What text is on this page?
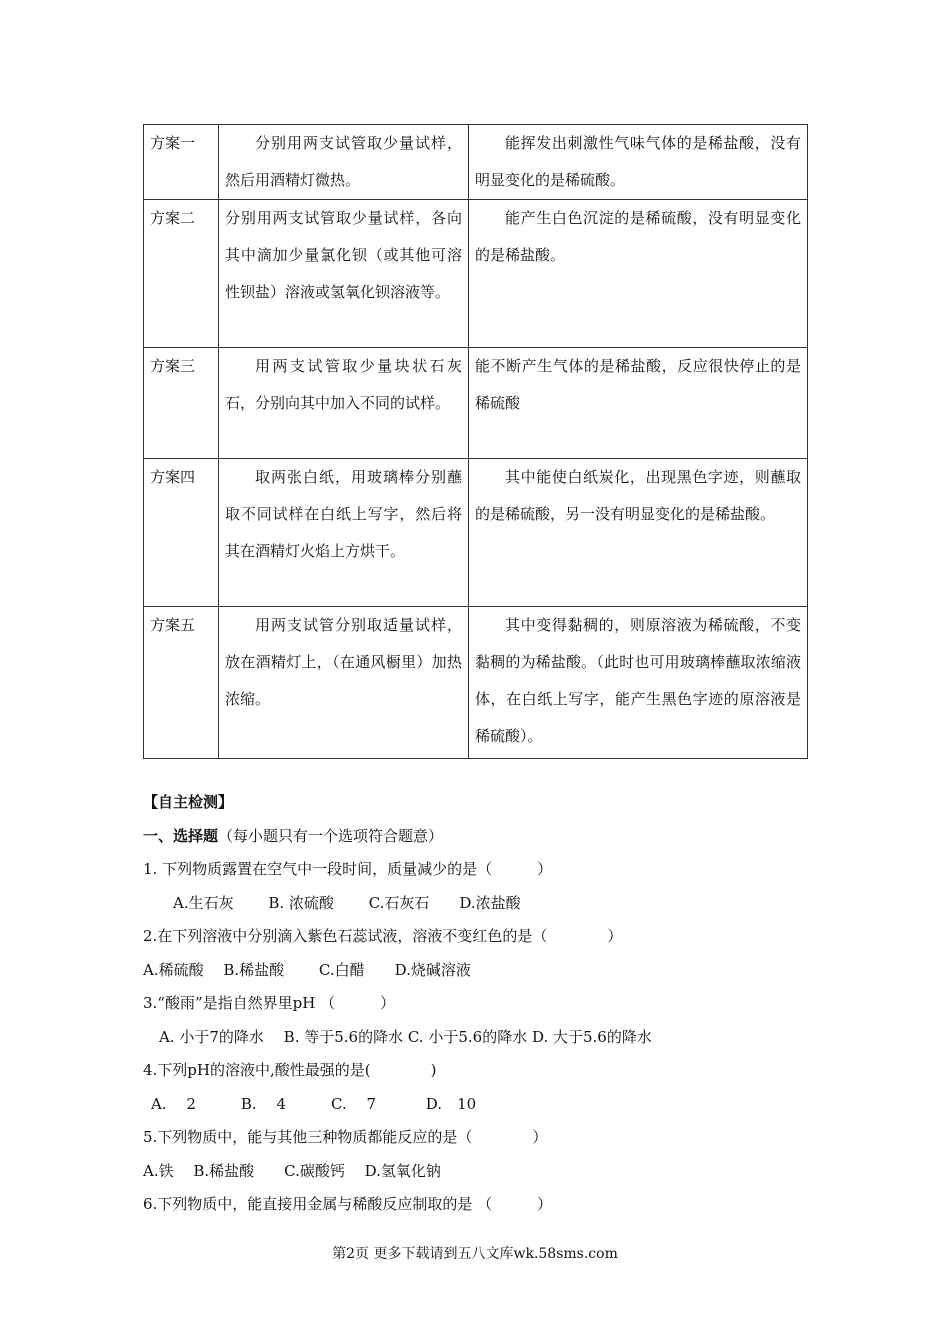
方案一	分别用两支试管取少量试样，然后用酒精灯微热。	能挥发出刺激性气味气体的是稀盐酸，没有明显变化的是稀硫酸。
方案二	分别用两支试管取少量试样，各向其中滴加少量氯化钡（或其他可溶性钡盐）溶液或氢氧化钡溶液等。	能产生白色沉淀的是稀硫酸，没有明显变化的是稀盐酸。
方案三	用两支试管取少量块状石灰石，分别向其中加入不同的试样。	能不断产生气体的是稀盐酸，反应很快停止的是稀硫酸
方案四	取两张白纸，用玻璃棒分别蘸取不同试样在白纸上写字，然后将其在酒精灯火焰上方烘干。	其中能使白纸炭化，出现黑色字迹，则蘸取的是稀硫酸，另一没有明显变化的是稀盐酸。
方案五	用两支试管分别取适量试样，放在酒精灯上，（在通风橱里）加热浓缩。	其中变得黏稠的，则原溶液为稀硫酸，不变黏稠的为稀盐酸。（此时也可用玻璃棒蘸取浓缩液体，在白纸上写字，能产生黑色字迹的原溶液是稀硫酸）。
【自主检测】
一、选择题（每小题只有一个选项符合题意）
1. 下列物质露置在空气中一段时间，质量减少的是（　　　）
A.生石灰　　 B. 浓硫酸　　 C.石灰石　　D.浓盐酸
2.在下列溶液中分别滴入紫色石蕊试液，溶液不变红色的是（　　　　）
A.稀硫酸　 B.稀盐酸　　 C.白醋　　D.烧碱溶液
3.“酸雨”是指自然界里pH （　　　）
A. 小于7的降水　 B. 等于5.6的降水 C. 小于5.6的降水 D. 大于5.6的降水
4.下列pH的溶液中,酸性最强的是(　　　　)
A.　 2　　　B.　 4　　　C.　 7　　　 D.　10
5.下列物质中，能与其他三种物质都能反应的是（　　　　）
A.铁　 B.稀盐酸　　C.碳酸钙　 D.氢氧化钠
6.下列物质中，能直接用金属与稀酸反应制取的是 （　　　）
第2页 更多下载请到五八文库wk.58sms.com
